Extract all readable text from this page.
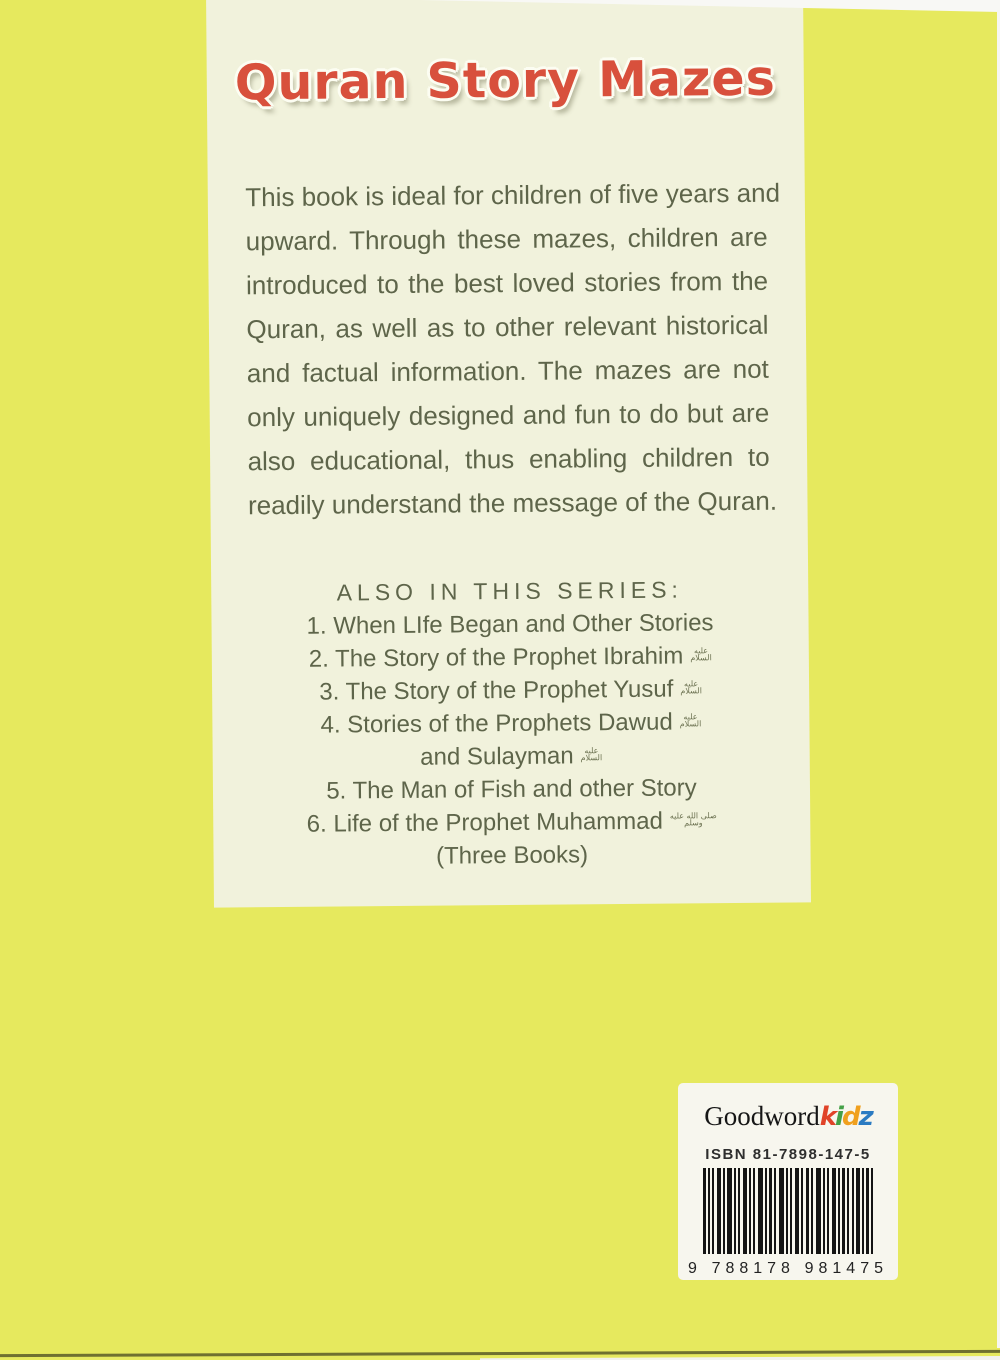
Quran Story Mazes
This book is ideal for children of five years and
upward. Through these mazes, children are
introduced to the best loved stories from the
Quran, as well as to other relevant historical
and factual information. The mazes are not
only uniquely designed and fun to do but are
also educational, thus enabling children to
readily understand the message of the Quran.
ALSO IN THIS SERIES:
1. When LIfe Began and Other Stories
2. The Story of the Prophet Ibrahim عليه
السلام
3. The Story of the Prophet Yusuf عليه
السلام
4. Stories of the Prophets Dawud عليه
السلام
and Sulayman عليه
السلام
5. The Man of Fish and other Story
6. Life of the Prophet Muhammad صلى الله عليه
وسلم
(Three Books)
Goodwordkidz
ISBN 81-7898-147-5
9 788178 981475
